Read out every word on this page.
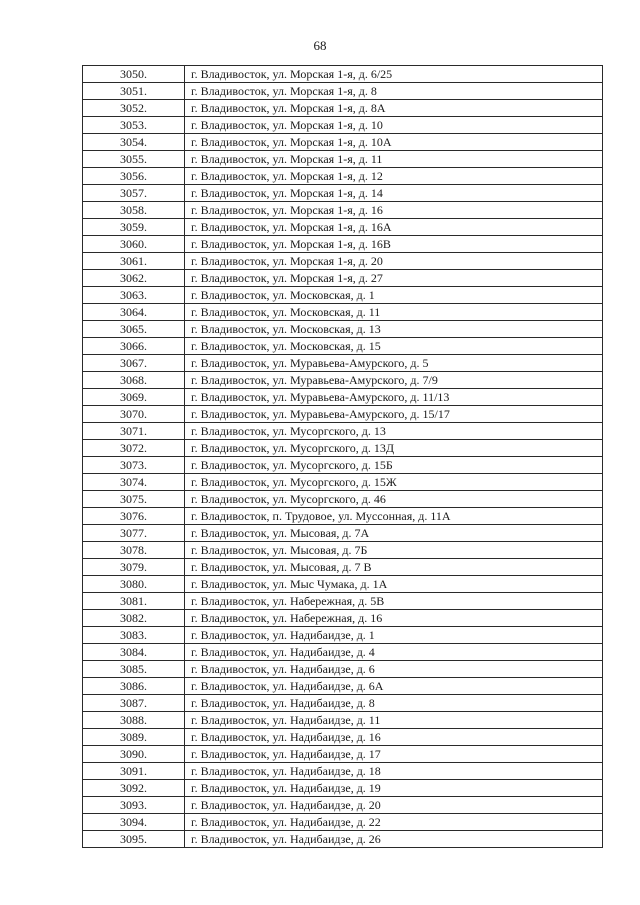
68
3050.	г. Владивосток, ул. Морская 1-я, д. 6/25
3051.	г. Владивосток, ул. Морская 1-я, д. 8
3052.	г. Владивосток, ул. Морская 1-я, д. 8А
3053.	г. Владивосток, ул. Морская 1-я, д. 10
3054.	г. Владивосток, ул. Морская 1-я, д. 10А
3055.	г. Владивосток, ул. Морская 1-я, д. 11
3056.	г. Владивосток, ул. Морская 1-я, д. 12
3057.	г. Владивосток, ул. Морская 1-я, д. 14
3058.	г. Владивосток, ул. Морская 1-я, д. 16
3059.	г. Владивосток, ул. Морская 1-я, д. 16А
3060.	г. Владивосток, ул. Морская 1-я, д. 16В
3061.	г. Владивосток, ул. Морская 1-я, д. 20
3062.	г. Владивосток, ул. Морская 1-я, д. 27
3063.	г. Владивосток, ул. Московская, д. 1
3064.	г. Владивосток, ул. Московская, д. 11
3065.	г. Владивосток, ул. Московская, д. 13
3066.	г. Владивосток, ул. Московская, д. 15
3067.	г. Владивосток, ул. Муравьева-Амурского, д. 5
3068.	г. Владивосток, ул. Муравьева-Амурского, д. 7/9
3069.	г. Владивосток, ул. Муравьева-Амурского, д. 11/13
3070.	г. Владивосток, ул. Муравьева-Амурского, д. 15/17
3071.	г. Владивосток, ул. Мусоргского, д. 13
3072.	г. Владивосток, ул. Мусоргского, д. 13Д
3073.	г. Владивосток, ул. Мусоргского, д. 15Б
3074.	г. Владивосток, ул. Мусоргского, д. 15Ж
3075.	г. Владивосток, ул. Мусоргского, д. 46
3076.	г. Владивосток, п. Трудовое, ул. Муссонная, д. 11А
3077.	г. Владивосток, ул. Мысовая, д. 7А
3078.	г. Владивосток, ул. Мысовая, д. 7Б
3079.	г. Владивосток, ул. Мысовая, д. 7 В
3080.	г. Владивосток, ул. Мыс Чумака, д. 1А
3081.	г. Владивосток, ул. Набережная, д. 5В
3082.	г. Владивосток, ул. Набережная, д. 16
3083.	г. Владивосток, ул. Надибаидзе, д. 1
3084.	г. Владивосток, ул. Надибаидзе, д. 4
3085.	г. Владивосток, ул. Надибаидзе, д. 6
3086.	г. Владивосток, ул. Надибаидзе, д. 6А
3087.	г. Владивосток, ул. Надибаидзе, д. 8
3088.	г. Владивосток, ул. Надибаидзе, д. 11
3089.	г. Владивосток, ул. Надибаидзе, д. 16
3090.	г. Владивосток, ул. Надибаидзе, д. 17
3091.	г. Владивосток, ул. Надибаидзе, д. 18
3092.	г. Владивосток, ул. Надибаидзе, д. 19
3093.	г. Владивосток, ул. Надибаидзе, д. 20
3094.	г. Владивосток, ул. Надибаидзе, д. 22
3095.	г. Владивосток, ул. Надибаидзе, д. 26
